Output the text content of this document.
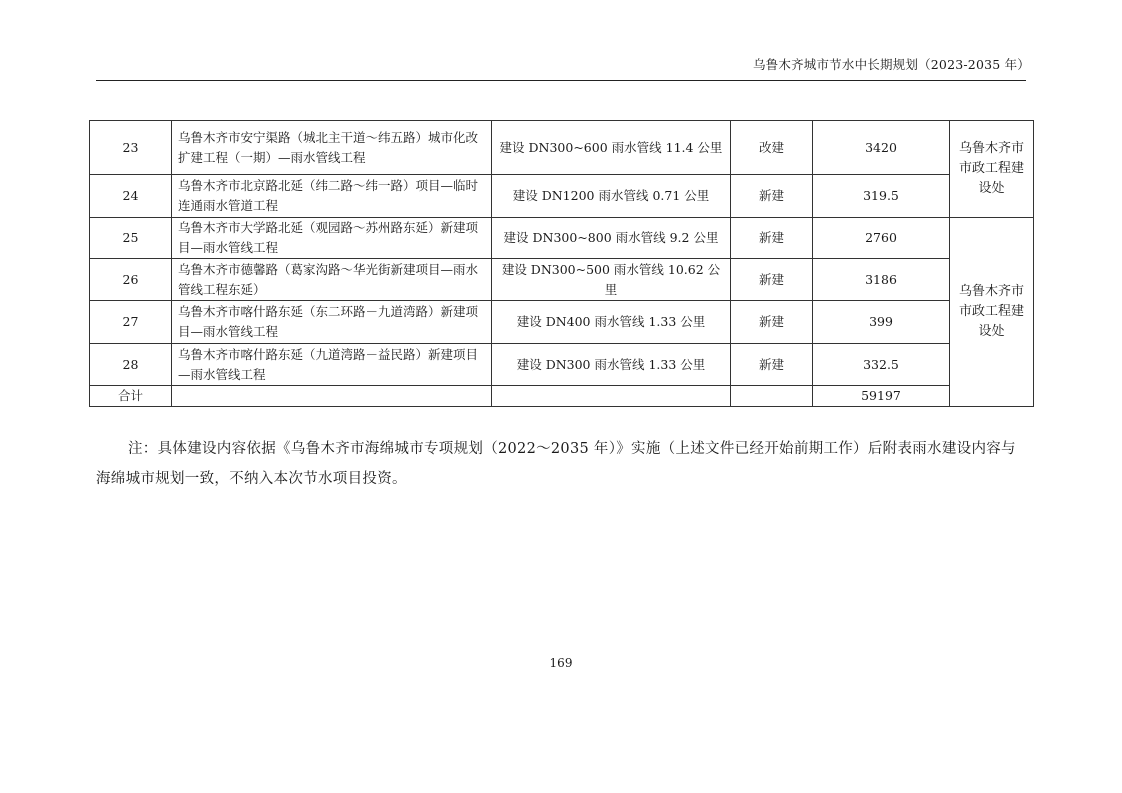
乌鲁木齐城市节水中长期规划（2023-2035 年）
23	乌鲁木齐市安宁渠路（城北主干道～纬五路）城市化改扩建工程（一期）—雨水管线工程	建设 DN300~600 雨水管线 11.4 公里	改建	3420	乌鲁木齐市市政工程建设处	
24	乌鲁木齐市北京路北延（纬二路～纬一路）项目—临时连通雨水管道工程	建设 DN1200 雨水管线 0.71 公里	新建	319.5		
25	乌鲁木齐市大学路北延（观园路～苏州路东延）新建项目—雨水管线工程	建设 DN300~800 雨水管线 9.2 公里	新建	2760	乌鲁木齐市市政工程建设处	
26	乌鲁木齐市德馨路（葛家沟路～华光街新建项目—雨水管线工程东延）	建设 DN300~500 雨水管线 10.62 公里	新建	3186		
27	乌鲁木齐市喀什路东延（东二环路－九道湾路）新建项目—雨水管线工程	建设 DN400 雨水管线 1.33 公里	新建	399		
28	乌鲁木齐市喀什路东延（九道湾路－益民路）新建项目—雨水管线工程	建设 DN300 雨水管线 1.33 公里	新建	332.5		
合计				59197		
注：具体建设内容依据《乌鲁木齐市海绵城市专项规划（2022～2035 年）》实施（上述文件已经开始前期工作）后附表雨水建设内容与海绵城市规划一致，不纳入本次节水项目投资。
169
